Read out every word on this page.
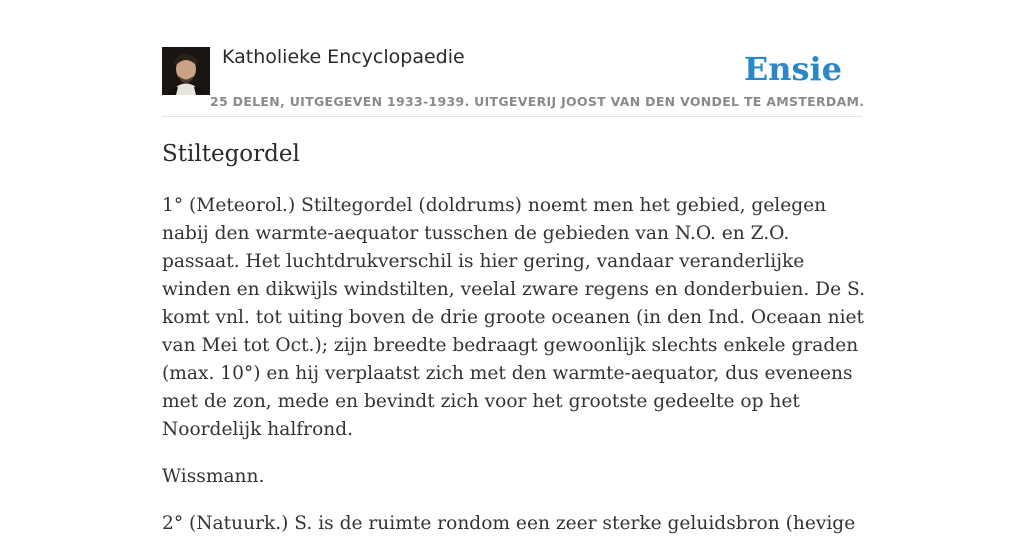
Katholieke Encyclopaedie
25 DELEN, UITGEGEVEN 1933-1939. UITGEVERIJ JOOST VAN DEN VONDEL TE AMSTERDAM.
Ensie
Stiltegordel

1° (Meteorol.) Stiltegordel (doldrums) noemt men het gebied, gelegen nabij den warmte-aequator tusschen de gebieden van N.O. en Z.O. passaat. Het luchtdrukverschil is hier gering, vandaar veranderlijke winden en dikwijls windstilten, veelal zware regens en donderbuien. De S. komt vnl. tot uiting boven de drie groote oceanen (in den Ind. Oceaan niet van Mei tot Oct.); zijn breedte bedraagt gewoonlijk slechts enkele graden (max. 10°) en hij verplaatst zich met den warmte-aequator, dus eveneens met de zon, mede en bevindt zich voor het grootste gedeelte op het Noordelijk halfrond.

Wissmann.

2° (Natuurk.) S. is de ruimte rondom een zeer sterke geluidsbron (hevige
